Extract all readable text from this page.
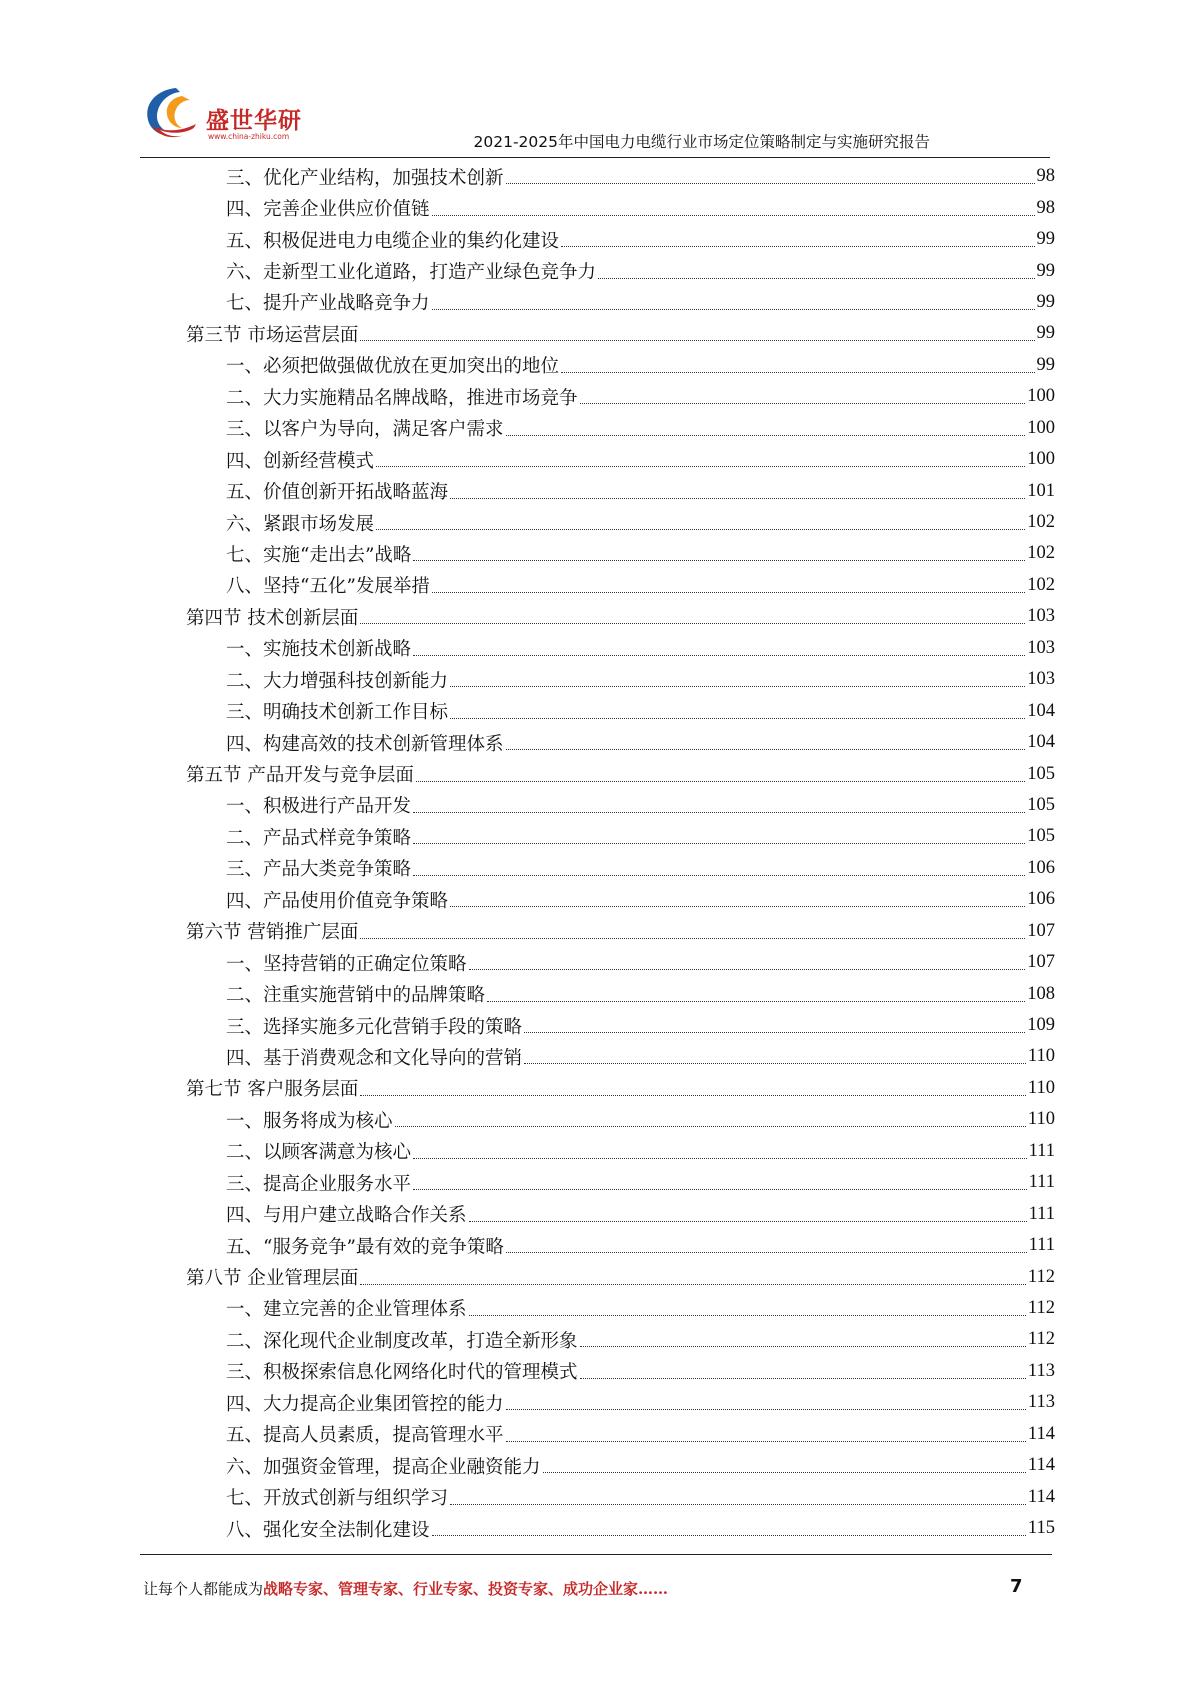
盛世华研
www.china-zhiku.com	2021-2025年中国电力电缆行业市场定位策略制定与实施研究报告
三、优化产业结构，加强技术创新	98
四、完善企业供应价值链	98
五、积极促进电力电缆企业的集约化建设	99
六、走新型工业化道路，打造产业绿色竞争力	99
七、提升产业战略竞争力	99
第三节 市场运营层面	99
一、必须把做强做优放在更加突出的地位	99
二、大力实施精品名牌战略，推进市场竞争	100
三、以客户为导向，满足客户需求	100
四、创新经营模式	100
五、价值创新开拓战略蓝海	101
六、紧跟市场发展	102
七、实施“走出去”战略	102
八、坚持“五化”发展举措	102
第四节 技术创新层面	103
一、实施技术创新战略	103
二、大力增强科技创新能力	103
三、明确技术创新工作目标	104
四、构建高效的技术创新管理体系	104
第五节 产品开发与竞争层面	105
一、积极进行产品开发	105
二、产品式样竞争策略	105
三、产品大类竞争策略	106
四、产品使用价值竞争策略	106
第六节 营销推广层面	107
一、坚持营销的正确定位策略	107
二、注重实施营销中的品牌策略	108
三、选择实施多元化营销手段的策略	109
四、基于消费观念和文化导向的营销	110
第七节 客户服务层面	110
一、服务将成为核心	110
二、以顾客满意为核心	111
三、提高企业服务水平	111
四、与用户建立战略合作关系	111
五、“服务竞争”最有效的竞争策略	111
第八节 企业管理层面	112
一、建立完善的企业管理体系	112
二、深化现代企业制度改革，打造全新形象	112
三、积极探索信息化网络化时代的管理模式	113
四、大力提高企业集团管控的能力	113
五、提高人员素质，提高管理水平	114
六、加强资金管理，提高企业融资能力	114
七、开放式创新与组织学习	114
八、强化安全法制化建设	115
让每个人都能成为战略专家、管理专家、行业专家、投资专家、成功企业家……	7
